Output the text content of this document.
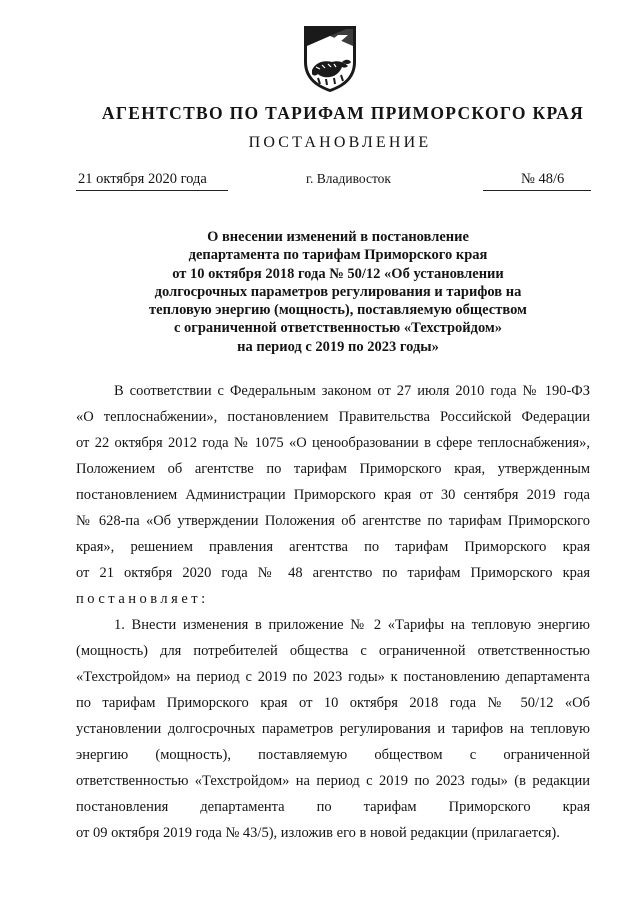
АГЕНТСТВО ПО ТАРИФАМ ПРИМОРСКОГО КРАЯ
ПОСТАНОВЛЕНИЕ
21 октября 2020 года	г. Владивосток	№ 48/6
О внесении изменений в постановление
департамента по тарифам Приморского края
от 10 октября 2018 года № 50/12 «Об установлении
долгосрочных параметров регулирования и тарифов на
тепловую энергию (мощность), поставляемую обществом
с ограниченной ответственностью «Техстройдом»
на период с 2019 по 2023 годы»
В соответствии с Федеральным законом от 27 июля 2010 года № 190-ФЗ
«О теплоснабжении», постановлением Правительства Российской Федерации
от 22 октября 2012 года № 1075 «О ценообразовании в сфере теплоснабжения»,
Положением об агентстве по тарифам Приморского края, утвержденным
постановлением Администрации Приморского края от 30 сентября 2019 года
№ 628-па «Об утверждении Положения об агентстве по тарифам Приморского
края», решением правления агентства по тарифам Приморского края
от 21 октября 2020 года № 48 агентство по тарифам Приморского края
постановляет:
1. Внести изменения в приложение № 2 «Тарифы на тепловую энергию
(мощность) для потребителей общества с ограниченной ответственностью
«Техстройдом» на период с 2019 по 2023 годы» к постановлению департамента
по тарифам Приморского края от 10 октября 2018 года № 50/12 «Об
установлении долгосрочных параметров регулирования и тарифов на тепловую
энергию (мощность), поставляемую обществом с ограниченной
ответственностью «Техстройдом» на период с 2019 по 2023 годы» (в редакции
постановления департамента по тарифам Приморского края
от 09 октября 2019 года № 43/5), изложив его в новой редакции (прилагается).
